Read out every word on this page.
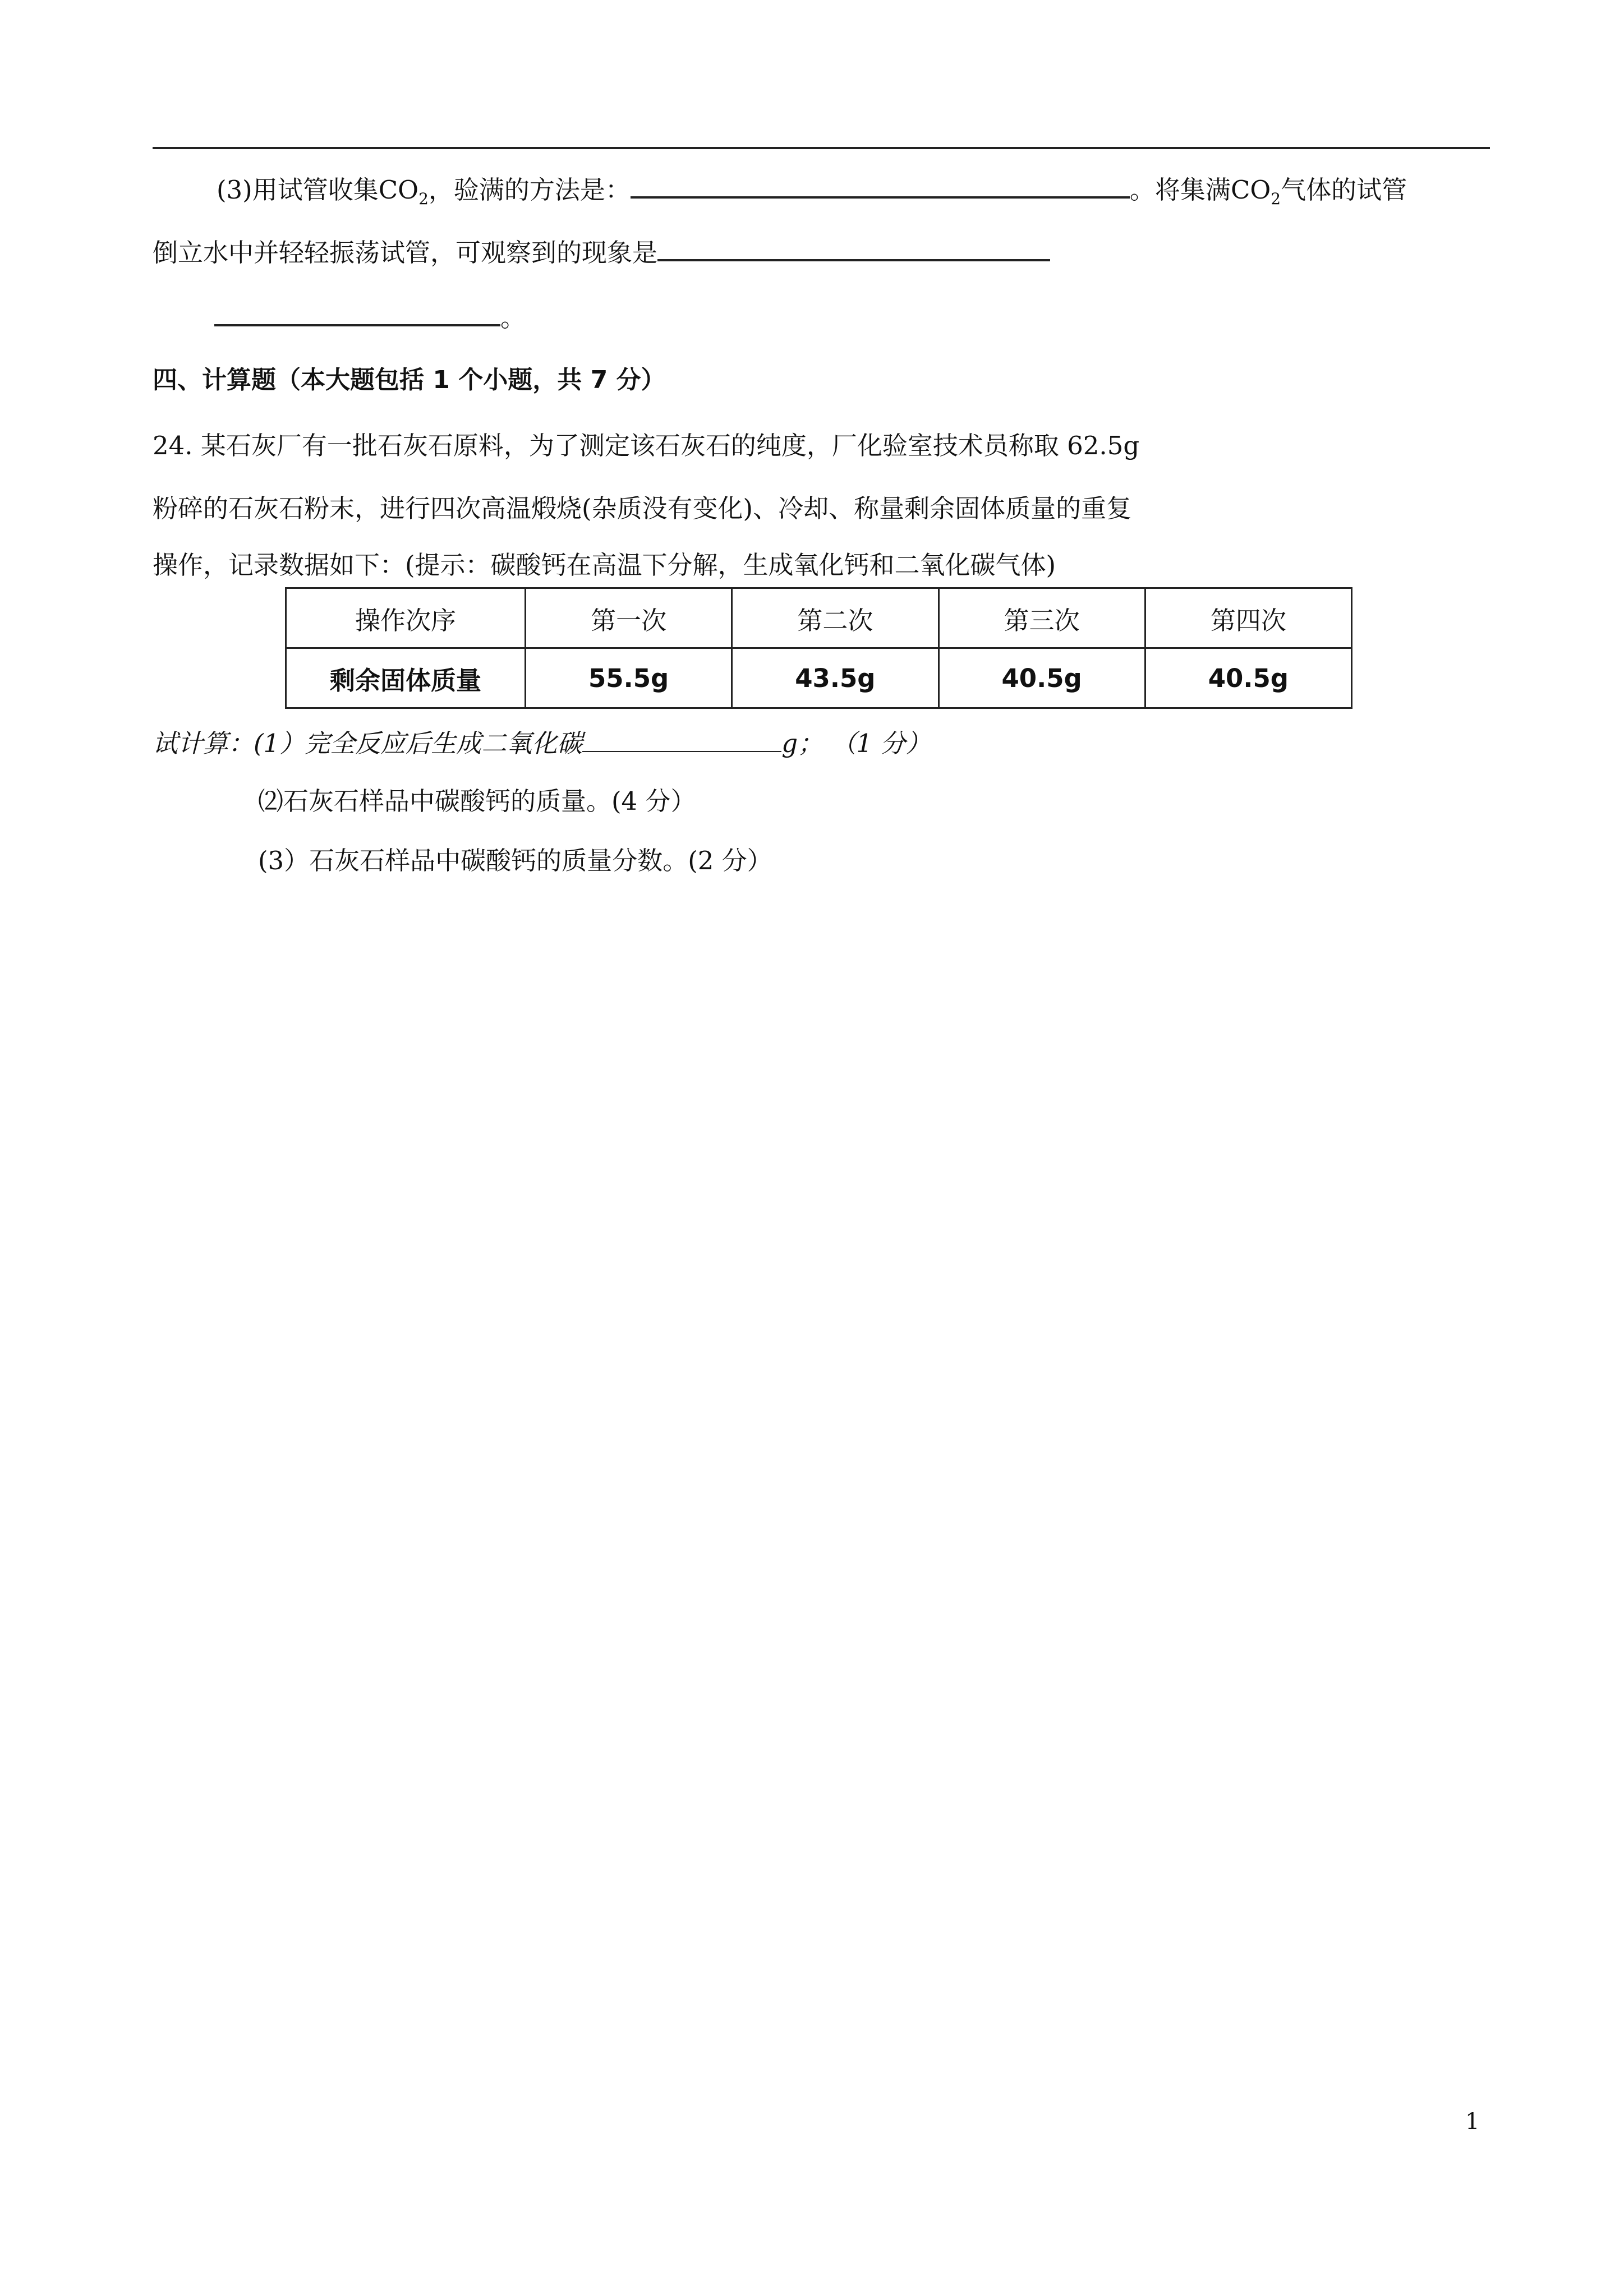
(3)用试管收集$CO_2$，验满的方法是：	。将集满$CO_2$气体的试管
倒立水中并轻轻振荡试管，可观察到的现象是
。
四、计算题（本大题包括 1 个小题，共 7 分）
24. 某石灰厂有一批石灰石原料，为了测定该石灰石的纯度，厂化验室技术员称取 62.5g
粉碎的石灰石粉末，进行四次高温煅烧(杂质没有变化)、冷却、称量剩余固体质量的重复
操作，记录数据如下：(提示：碳酸钙在高温下分解，生成氧化钙和二氧化碳气体)
操作次序	第一次	第二次	第三次	第四次
剩余固体质量	55.5g	43.5g	40.5g	40.5g
试计算：(1）完全反应后生成二氧化碳	g； （1 分）
⑵石灰石样品中碳酸钙的质量。(4 分）
(3）石灰石样品中碳酸钙的质量分数。(2 分）
1
